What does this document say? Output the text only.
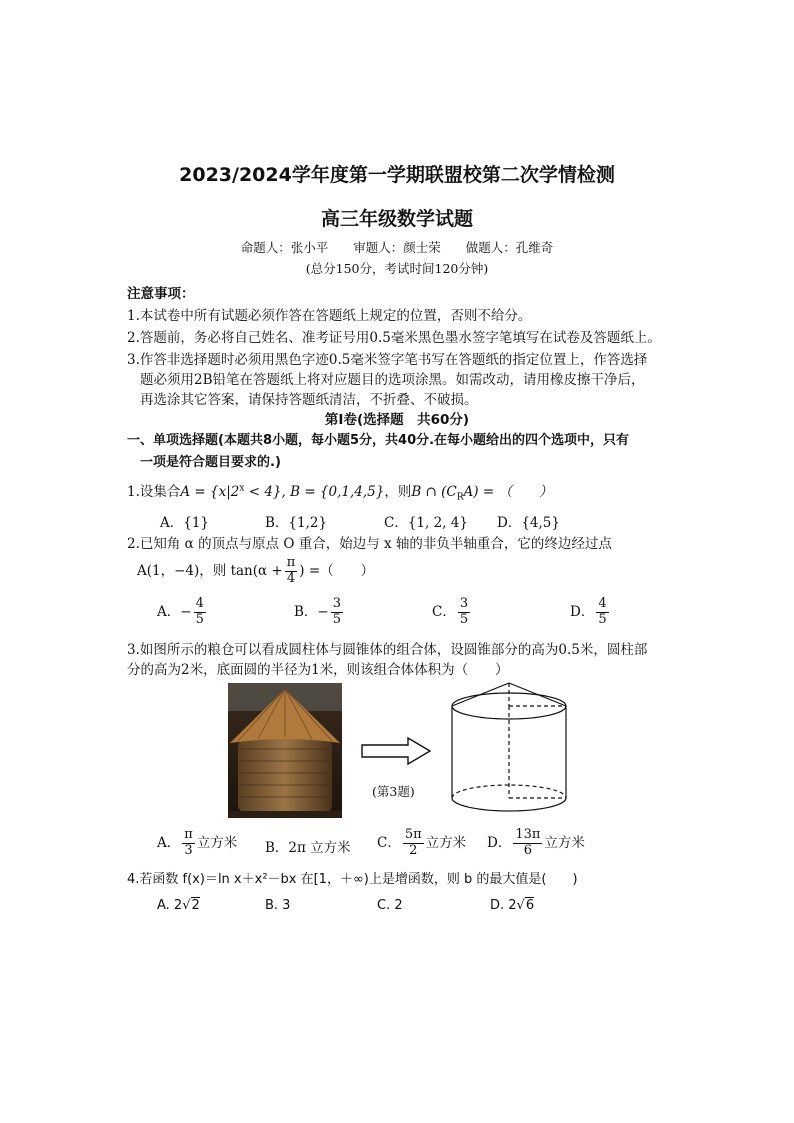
2023/2024学年度第一学期联盟校第二次学情检测
高三年级数学试题
命题人：张小平　　审题人：颜士荣　　做题人：孔维奇
(总分150分，考试时间120分钟)
注意事项：
1.本试卷中所有试题必须作答在答题纸上规定的位置，否则不给分。
2.答题前，务必将自己姓名、准考证号用0.5毫米黑色墨水签字笔填写在试卷及答题纸上。
3.作答非选择题时必须用黑色字迹0.5毫米签字笔书写在答题纸的指定位置上，作答选择
题必须用2B铅笔在答题纸上将对应题目的选项涂黑。如需改动，请用橡皮擦干净后，
再选涂其它答案，请保持答题纸清洁，不折叠、不破损。
第Ⅰ卷(选择题　共60分)
一、单项选择题(本题共8小题，每小题5分，共40分.在每小题给出的四个选项中，只有
一项是符合题目要求的.)
1.设集合$A = \{x|2^x < 4\}$, B = {0,1,4,5}，则B ∩ $(C_RA)$ = （　　）
A．{1}	B．{1,2}	C．{1, 2, 4} D．{4,5}
2.已知角 α 的顶点与原点 O 重合，始边与 x 轴的非负半轴重合，它的终边经过点
A(1，−4)，则 $\tan(\alpha + \frac{\pi}{4}$ ) =（　　）
A．− $\frac{4}{5}$	B．− $\frac{3}{5}$	C． $\frac{3}{5}$	D． $\frac{4}{5}$
3.如图所示的粮仓可以看成圆柱体与圆锥体的组合体，设圆锥部分的高为0.5米，圆柱部
分的高为2米，底面圆的半径为1米，则该组合体体积为（　　）
(第3题)
A． $\frac{\pi}{3}$ 立方米 B．2π 立方米 C． $\frac{5\pi}{2}$ 立方米 D． $\frac{13\pi}{6}$ 立方米
4.若函数 f(x)＝ln x＋x²－bx 在[1，＋∞)上是增函数，则 b 的最大值是(　　)
A. 2√2	B. 3	C. 2	D. 2√6
